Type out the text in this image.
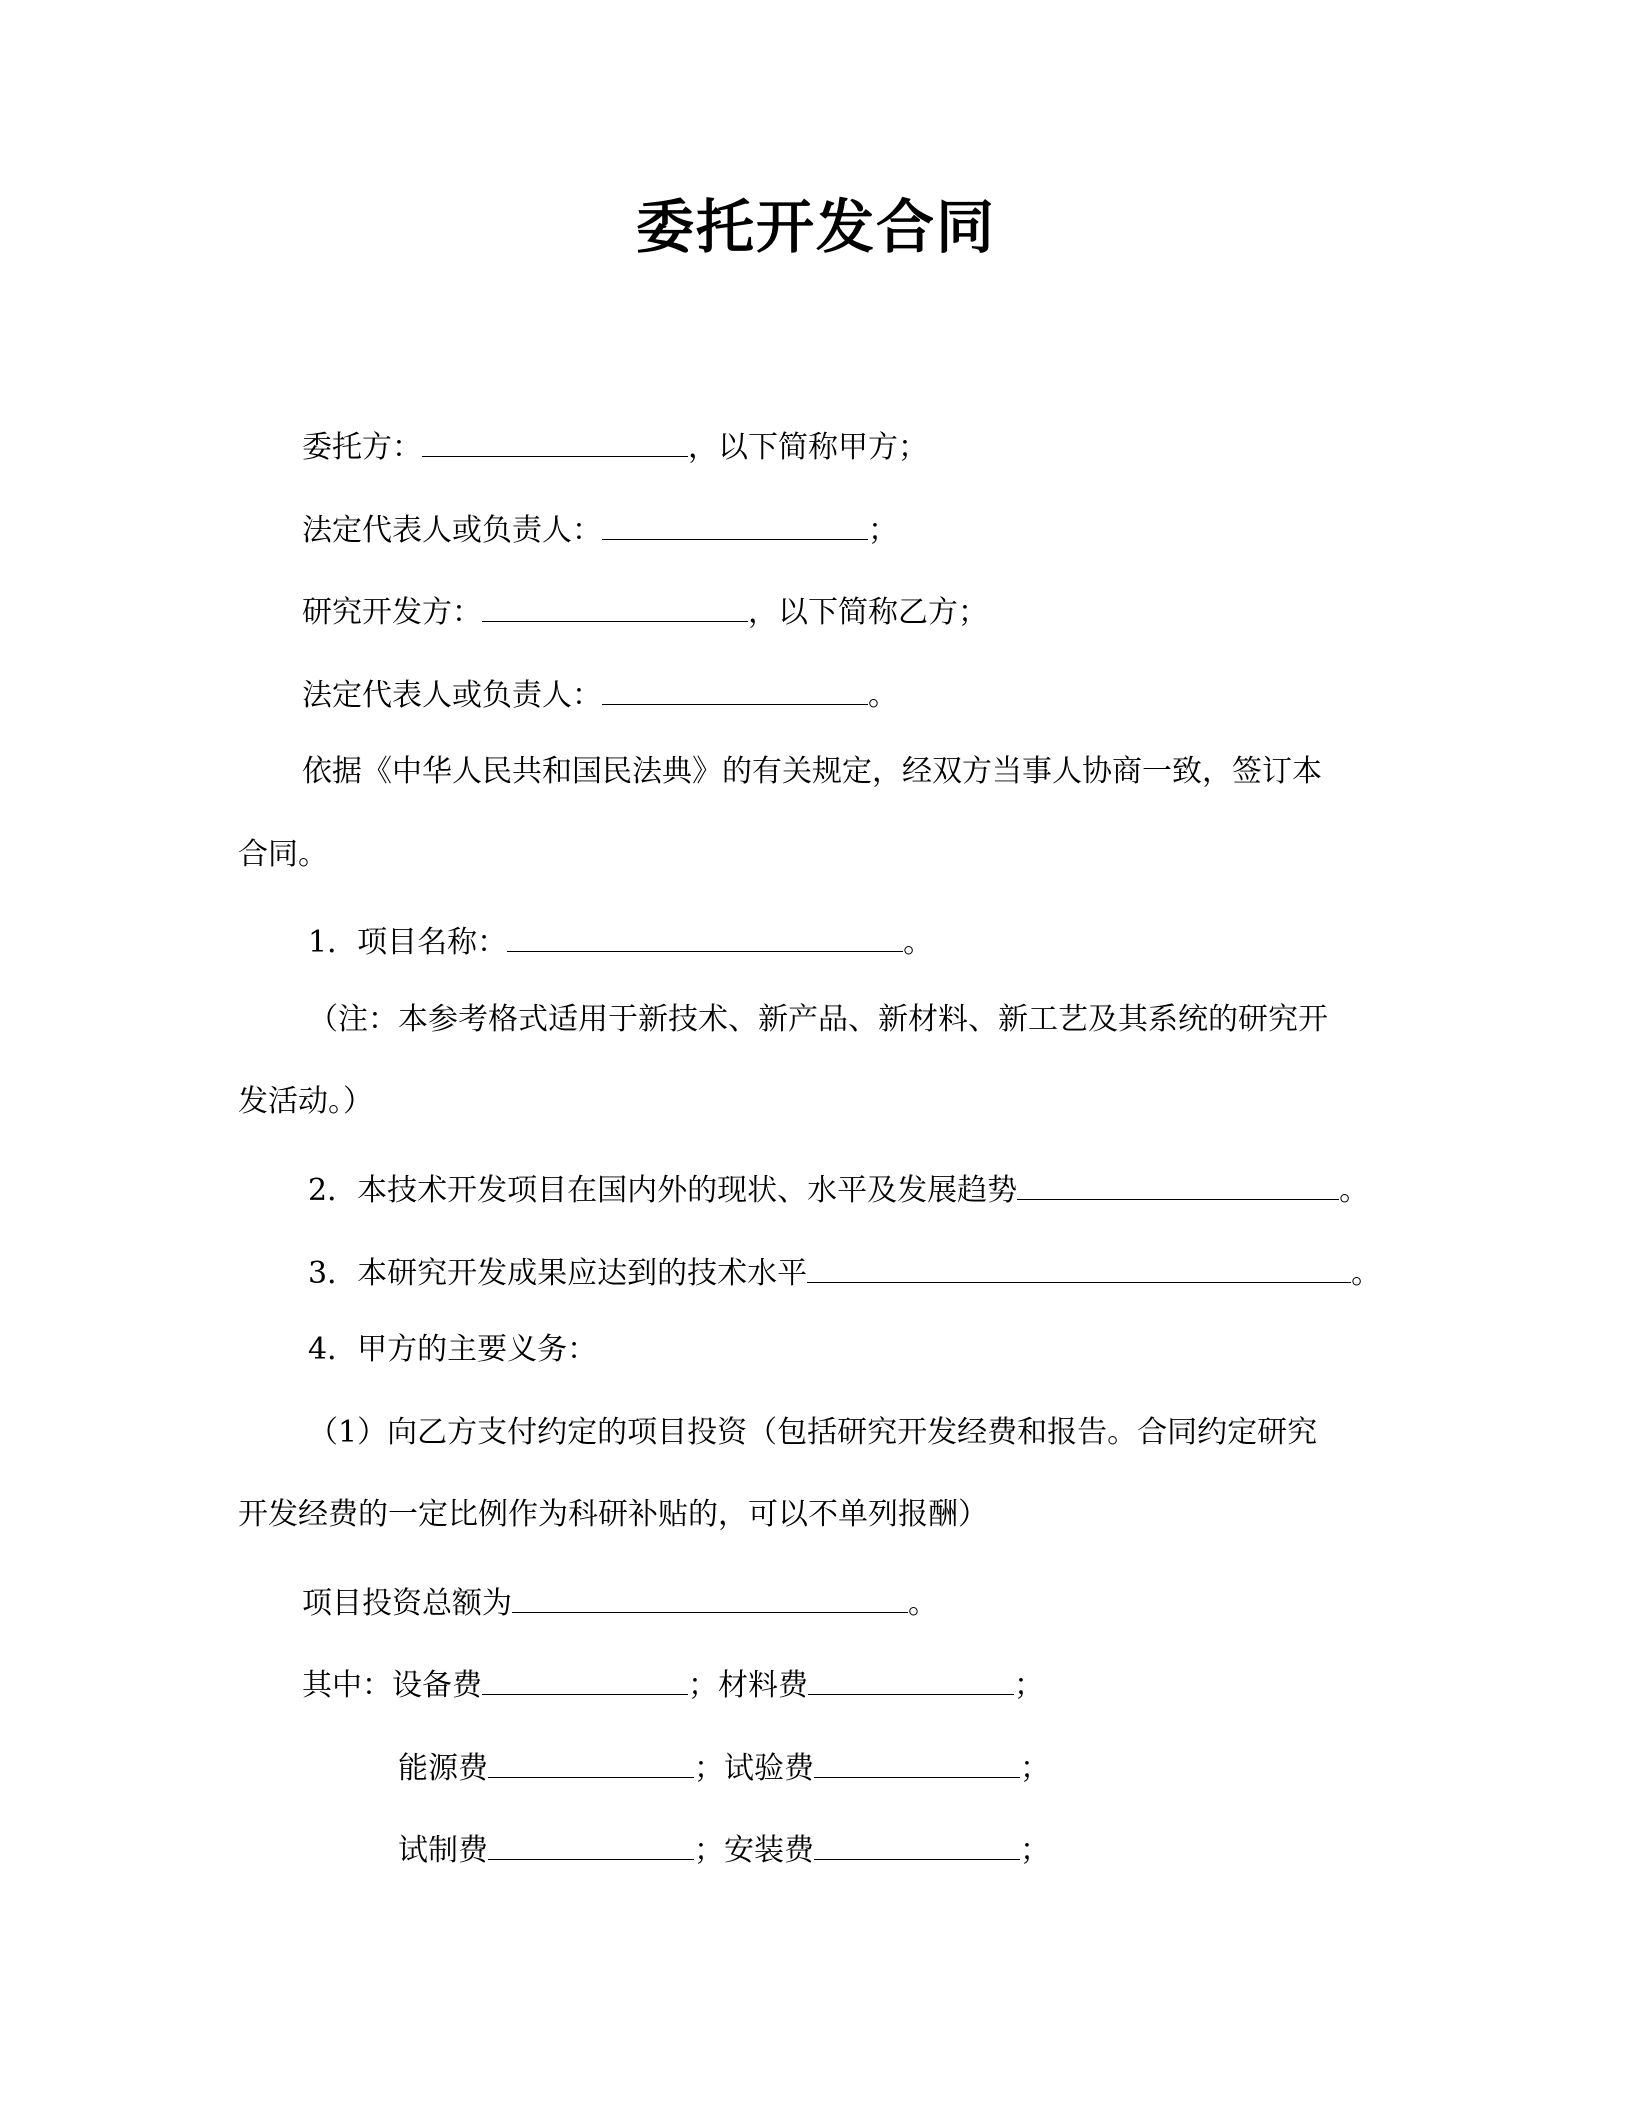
委托开发合同
委托方：	，以下简称甲方；
法定代表人或负责人：	；
研究开发方：	，以下简称乙方；
法定代表人或负责人：	。
依据《中华人民共和国民法典》的有关规定，经双方当事人协商一致，签订本
合同。
1．项目名称：	。
（注：本参考格式适用于新技术、新产品、新材料、新工艺及其系统的研究开
发活动。）
2．本技术开发项目在国内外的现状、水平及发展趋势	。
3．本研究开发成果应达到的技术水平	。
4．甲方的主要义务：
（1）向乙方支付约定的项目投资（包括研究开发经费和报告。合同约定研究
开发经费的一定比例作为科研补贴的，可以不单列报酬）
项目投资总额为	。
其中：设备费	；材料费	；
能源费	；试验费	；
试制费	；安装费	；
